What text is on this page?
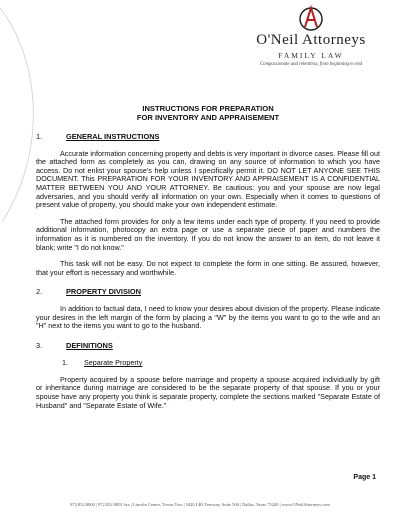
O'Neil Attorneys
FAMILY LAW
Compassionate and relentless, from beginning to end
INSTRUCTIONS FOR PREPARATION
FOR INVENTORY AND APPRAISEMENT
1.	GENERAL INSTRUCTIONS

Accurate information concerning property and debts is very important in divorce cases. Please fill out the attached form as completely as you can, drawing on any source of information to which you have access. Do not enlist your spouse's help unless I specifically permit it. DO NOT LET ANYONE SEE THIS DOCUMENT. This PREPARATION FOR YOUR INVENTORY AND APPRAISEMENT IS A CONFIDENTIAL MATTER BETWEEN YOU AND YOUR ATTORNEY. Be cautious: you and your spouse are now legal adversaries, and you should verify all information on your own. Especially when it comes to questions of present value of property, you should make your own independent estimate.

The attached form provides for only a few items under each type of property. If you need to provide additional information, photocopy an extra page or use a separate piece of paper and numbers the information as it is numbered on the inventory. If you do not know the answer to an item, do not leave it blank; write "I do not know."

This task will not be easy. Do not expect to complete the form in one sitting. Be assured, however, that your effort is necessary and worthwhile.

2.	PROPERTY DIVISION

In addition to factual data, I need to know your desires about division of the property. Please indicate your desires in the left margin of the form by placing a "W" by the items you want to go to the wife and an "H" next to the items you want to go to the husband.

3.	DEFINITIONS
1.	Separate Property

Property acquired by a spouse before marriage and property a spouse acquired individually by gift or inheritance during marriage are considered to be the separate property of that spouse. If you or your spouse have any property you think is separate property, complete the sections marked "Separate Estate of Husband" and "Separate Estate of Wife."

Page 1
972.852.8000 | 972.852.8001 fax | Lincoln Centre, Tower Two | 5420 LBJ Freeway, Suite 500 | Dallas, Texas 75240 | www.ONeilAttorneys.com
